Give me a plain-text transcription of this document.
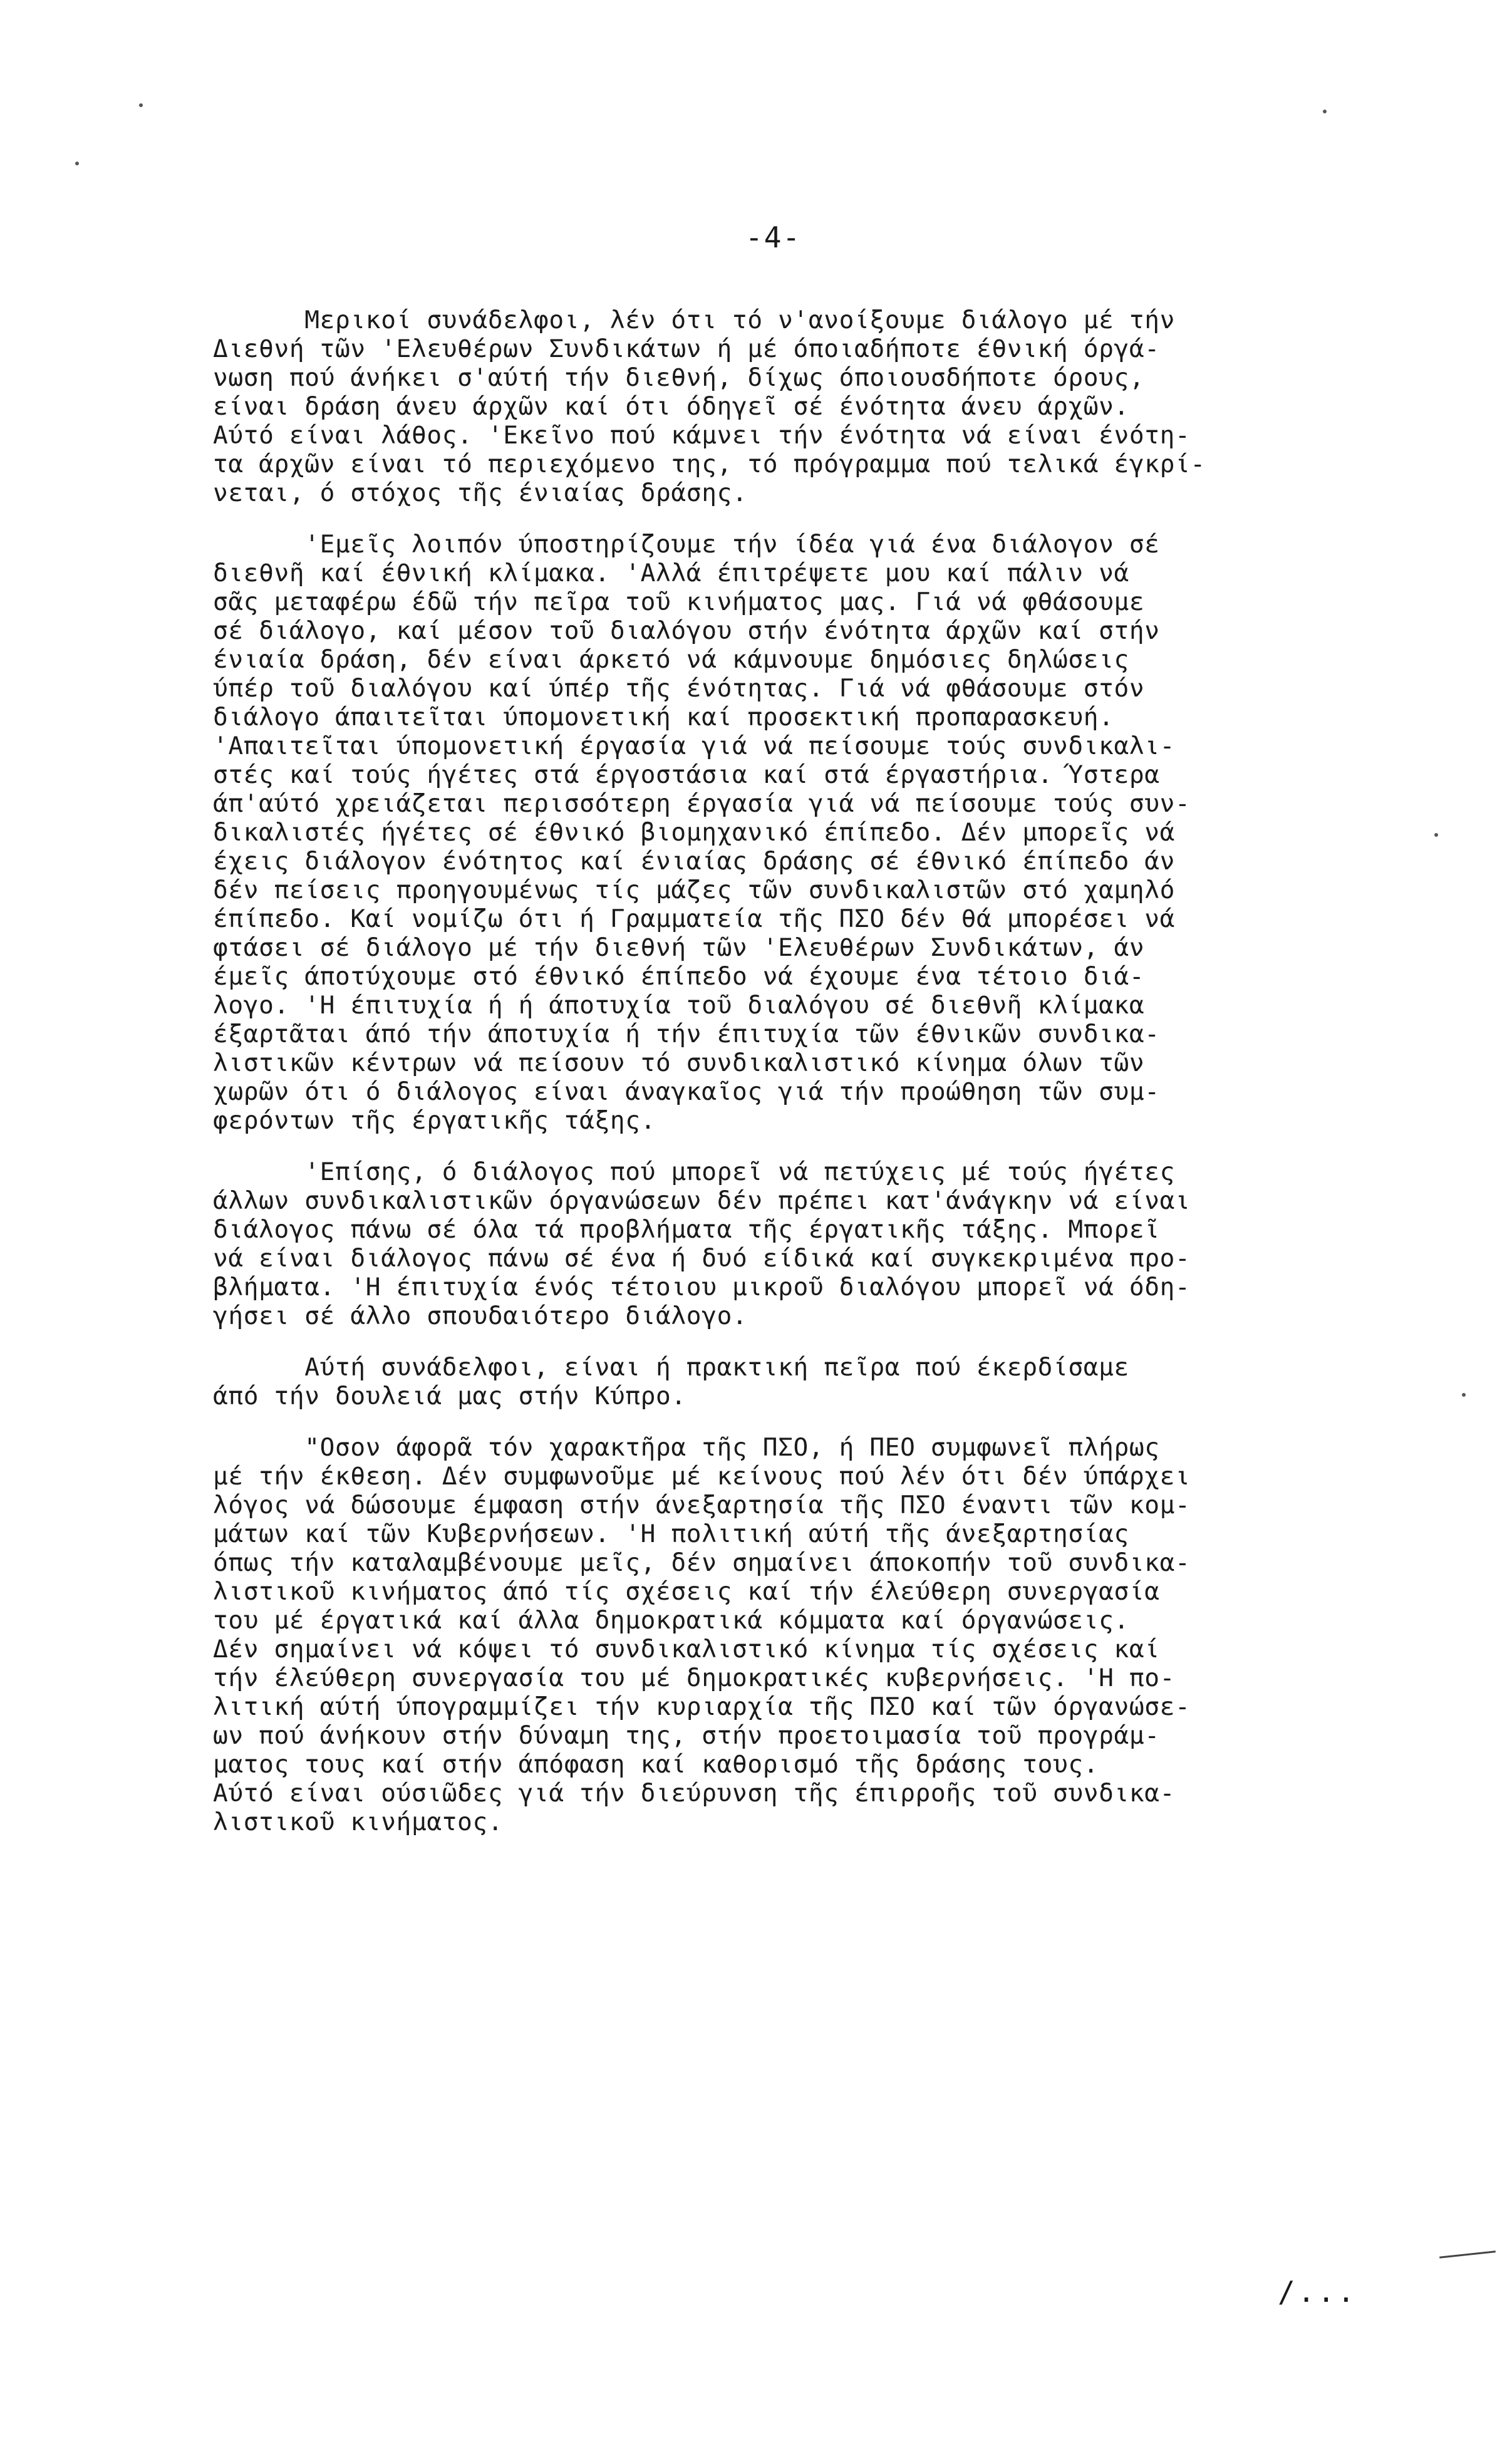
-4-
Μερικοί συνάδελφοι, λέν ότι τό ν'ανοίξουμε διάλογο μέ τήν
Διεθνή τῶν 'Ελευθέρων Συνδικάτων ή μέ όποιαδήποτε έθνική όργά-
νωση πού άνήκει σ'αύτή τήν διεθνή, δίχως όποιουσδήποτε όρους,
είναι δράση άνευ άρχῶν καί ότι όδηγεῖ σέ ένότητα άνευ άρχῶν.
Αύτό είναι λάθος. 'Εκεῖνο πού κάμνει τήν ένότητα νά είναι ένότη-
τα άρχῶν είναι τό περιεχόμενο της, τό πρόγραμμα πού τελικά έγκρί-
νεται, ό στόχος τῆς ένιαίας δράσης.
'Εμεῖς λοιπόν ύποστηρίζουμε τήν ίδέα γιά ένα διάλογον σέ
διεθνῆ καί έθνική κλίμακα. 'Αλλά έπιτρέψετε μου καί πάλιν νά
σᾶς μεταφέρω έδῶ τήν πεῖρα τοῦ κινήματος μας. Γιά νά φθάσουμε
σέ διάλογο, καί μέσον τοῦ διαλόγου στήν ένότητα άρχῶν καί στήν
ένιαία δράση, δέν είναι άρκετό νά κάμνουμε δημόσιες δηλώσεις
ύπέρ τοῦ διαλόγου καί ύπέρ τῆς ένότητας. Γιά νά φθάσουμε στόν
διάλογο άπαιτεῖται ύπομονετική καί προσεκτική προπαρασκευή.
'Απαιτεῖται ύπομονετική έργασία γιά νά πείσουμε τούς συνδικαλι-
στές καί τούς ήγέτες στά έργοστάσια καί στά έργαστήρια. Ύστερα
άπ'αύτό χρειάζεται περισσότερη έργασία γιά νά πείσουμε τούς συν-
δικαλιστές ήγέτες σέ έθνικό βιομηχανικό έπίπεδο. Δέν μπορεῖς νά
έχεις διάλογον ένότητος καί ένιαίας δράσης σέ έθνικό έπίπεδο άν
δέν πείσεις προηγουμένως τίς μάζες τῶν συνδικαλιστῶν στό χαμηλό
έπίπεδο. Καί νομίζω ότι ή Γραμματεία τῆς ΠΣΟ δέν θά μπορέσει νά
φτάσει σέ διάλογο μέ τήν διεθνή τῶν 'Ελευθέρων Συνδικάτων, άν
έμεῖς άποτύχουμε στό έθνικό έπίπεδο νά έχουμε ένα τέτοιο διά-
λογο. 'Η έπιτυχία ή ή άποτυχία τοῦ διαλόγου σέ διεθνῆ κλίμακα
έξαρτᾶται άπό τήν άποτυχία ή τήν έπιτυχία τῶν έθνικῶν συνδικα-
λιστικῶν κέντρων νά πείσουν τό συνδικαλιστικό κίνημα όλων τῶν
χωρῶν ότι ό διάλογος είναι άναγκαῖος γιά τήν προώθηση τῶν συμ-
φερόντων τῆς έργατικῆς τάξης.
'Επίσης, ό διάλογος πού μπορεῖ νά πετύχεις μέ τούς ήγέτες
άλλων συνδικαλιστικῶν όργανώσεων δέν πρέπει κατ'άνάγκην νά είναι
διάλογος πάνω σέ όλα τά προβλήματα τῆς έργατικῆς τάξης. Μπορεῖ
νά είναι διάλογος πάνω σέ ένα ή δυό είδικά καί συγκεκριμένα προ-
βλήματα. 'Η έπιτυχία ένός τέτοιου μικροῦ διαλόγου μπορεῖ νά όδη-
γήσει σέ άλλο σπουδαιότερο διάλογο.
Αύτή συνάδελφοι, είναι ή πρακτική πεῖρα πού έκερδίσαμε
άπό τήν δουλειά μας στήν Κύπρο.
"Οσον άφορᾶ τόν χαρακτῆρα τῆς ΠΣΟ, ή ΠΕΟ συμφωνεῖ πλήρως
μέ τήν έκθεση. Δέν συμφωνοῦμε μέ κείνους πού λέν ότι δέν ύπάρχει
λόγος νά δώσουμε έμφαση στήν άνεξαρτησία τῆς ΠΣΟ έναντι τῶν κομ-
μάτων καί τῶν Κυβερνήσεων. 'Η πολιτική αύτή τῆς άνεξαρτησίας
όπως τήν καταλαμβένουμε μεῖς, δέν σημαίνει άποκοπήν τοῦ συνδικα-
λιστικοῦ κινήματος άπό τίς σχέσεις καί τήν έλεύθερη συνεργασία
του μέ έργατικά καί άλλα δημοκρατικά κόμματα καί όργανώσεις.
Δέν σημαίνει νά κόψει τό συνδικαλιστικό κίνημα τίς σχέσεις καί
τήν έλεύθερη συνεργασία του μέ δημοκρατικές κυβερνήσεις. 'Η πο-
λιτική αύτή ύπογραμμίζει τήν κυριαρχία τῆς ΠΣΟ καί τῶν όργανώσε-
ων πού άνήκουν στήν δύναμη της, στήν προετοιμασία τοῦ προγράμ-
ματος τους καί στήν άπόφαση καί καθορισμό τῆς δράσης τους.
Αύτό είναι ούσιῶδες γιά τήν διεύρυνση τῆς έπιρροῆς τοῦ συνδικα-
λιστικοῦ κινήματος.
/...
